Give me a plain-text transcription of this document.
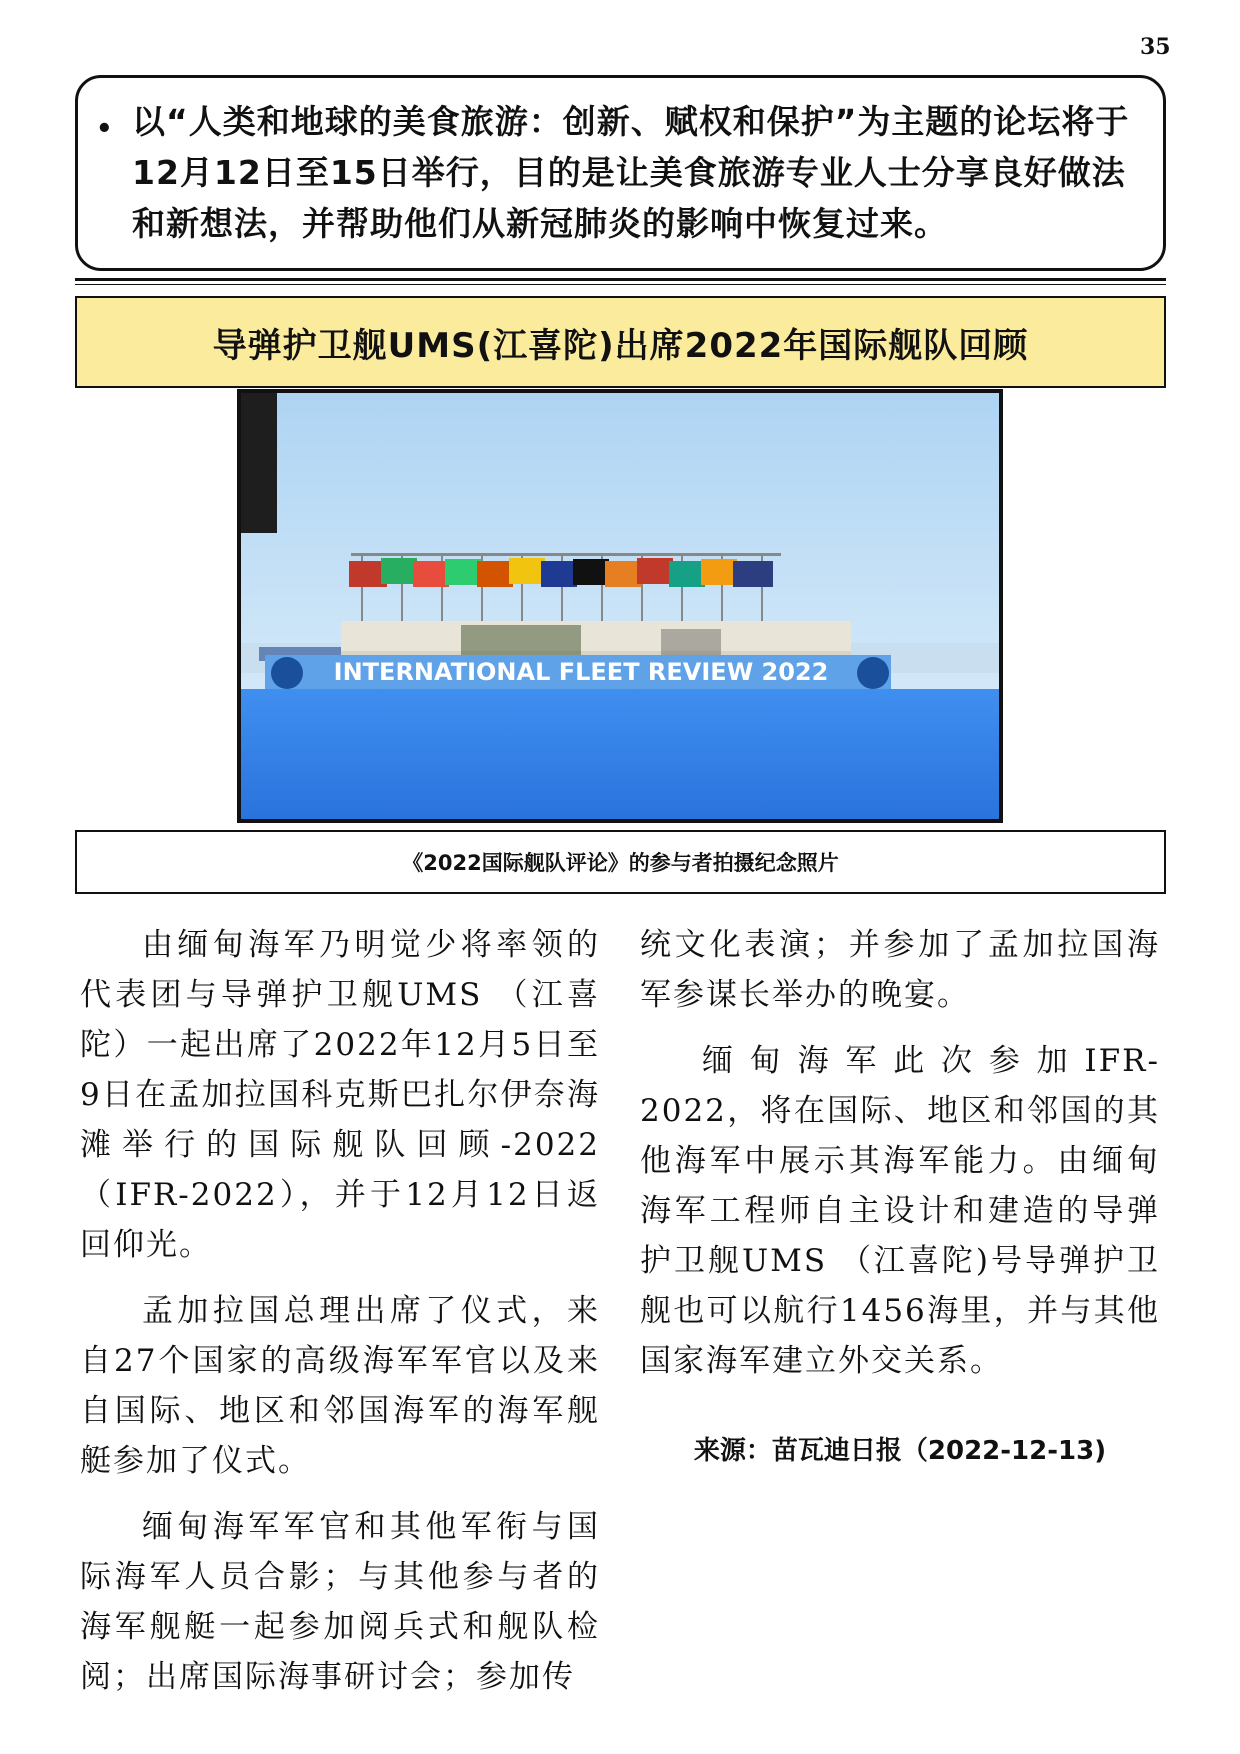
35
• 以“人类和地球的美食旅游：创新、赋权和保护”为主题的论坛将于12月12日至15日举行，目的是让美食旅游专业人士分享良好做法和新想法，并帮助他们从新冠肺炎的影响中恢复过来。
导弹护卫舰UMS(江喜陀)出席2022年国际舰队回顾
INTERNATIONAL FLEET REVIEW 2022
《2022国际舰队评论》的参与者拍摄纪念照片

由缅甸海军乃明觉少将率领的代表团与导弹护卫舰UMS （江喜陀）一起出席了2022年12月5日至9日在孟加拉国科克斯巴扎尔伊奈海滩举行的国际舰队回顾-2022（IFR-2022），并于12月12日返回仰光。

孟加拉国总理出席了仪式，来自27个国家的高级海军军官以及来自国际、地区和邻国海军的海军舰艇参加了仪式。

缅甸海军军官和其他军衔与国际海军人员合影；与其他参与者的海军舰艇一起参加阅兵式和舰队检阅；出席国际海事研讨会；参加传

统文化表演；并参加了孟加拉国海军参谋长举办的晚宴。

缅甸海军此次参加IFR-2022，将在国际、地区和邻国的其他海军中展示其海军能力。由缅甸海军工程师自主设计和建造的导弹护卫舰UMS （江喜陀)号导弹护卫舰也可以航行1456海里，并与其他国家海军建立外交关系。

来源：苗瓦迪日报（2022-12-13)
